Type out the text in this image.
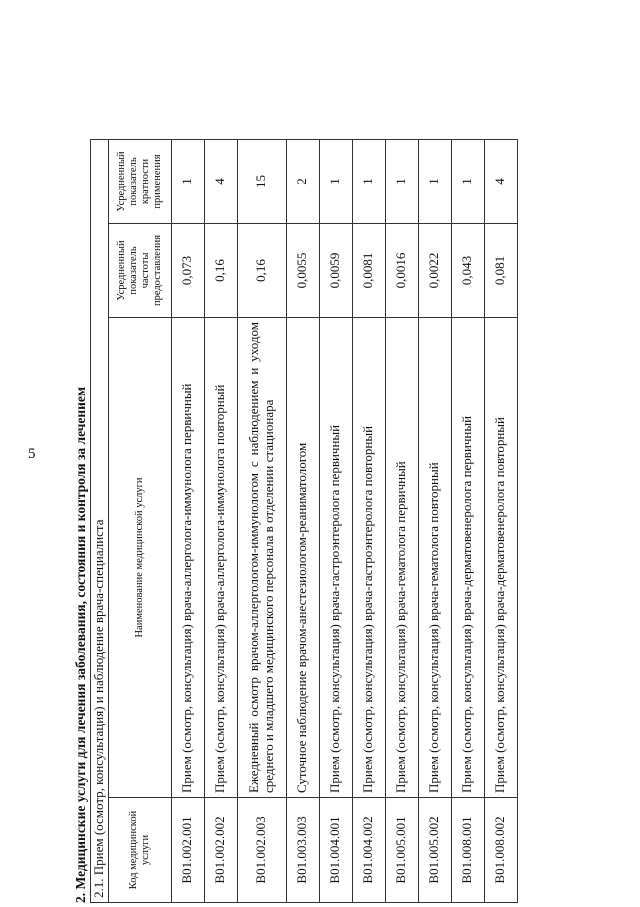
5	2. Медицинские услуги для лечения заболевания, состояния и контроля за лечением 2.1. Прием (осмотр, консультация) и наблюдение врача-специалиста			
Код медицинской услуги	Наименование медицинской услуги	Усредненный показатель частоты предоставления	Усредненный показатель кратности применения
B01.002.001	Прием (осмотр, консультация) врача-аллерголога-иммунолога первичный	0,073	1
B01.002.002	Прием (осмотр, консультация) врача-аллерголога-иммунолога повторный	0,16	4
B01.002.003	Ежедневный осмотр врачом-аллергологом-иммунологом с наблюдением и уходом среднего и младшего медицинского персонала в отделении стационара	0,16	15
B01.003.003	Суточное наблюдение врачом-анестезиологом-реаниматологом	0,0055	2
B01.004.001	Прием (осмотр, консультация) врача-гастроэнтеролога первичный	0,0059	1
B01.004.002	Прием (осмотр, консультация) врача-гастроэнтеролога повторный	0,0081	1
B01.005.001	Прием (осмотр, консультация) врача-гематолога первичный	0,0016	1
B01.005.002	Прием (осмотр, консультация) врача-гематолога повторный	0,0022	1
B01.008.001	Прием (осмотр, консультация) врача-дерматовенеролога первичный	0,043	1
B01.008.002	Прием (осмотр, консультация) врача-дерматовенеролога повторный	0,081	4
